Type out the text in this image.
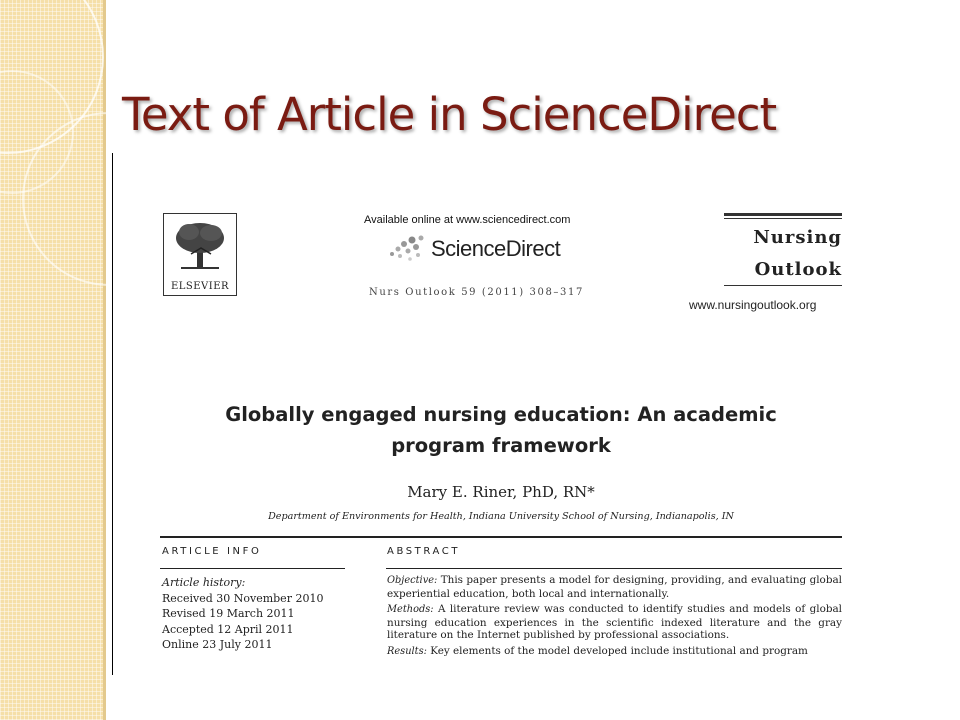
Text of Article in ScienceDirect
ELSEVIER
Available online at www.sciencedirect.com
ScienceDirect
Nurs Outlook 59 (2011) 308–317
Nursing
Outlook
www.nursingoutlook.org
Globally engaged nursing education: An academic
program framework
Mary E. Riner, PhD, RN*
Department of Environments for Health, Indiana University School of Nursing, Indianapolis, IN
ARTICLE INFO	ABSTRACT
Article history:
Received 30 November 2010
Revised 19 March 2011
Accepted 12 April 2011
Online 23 July 2011

Objective: This paper presents a model for designing, providing, and evaluating global experiential education, both local and internationally.

Methods: A literature review was conducted to identify studies and models of global nursing education experiences in the scientific indexed literature and the gray literature on the Internet published by professional associations.

Results: Key elements of the model developed include institutional and program
